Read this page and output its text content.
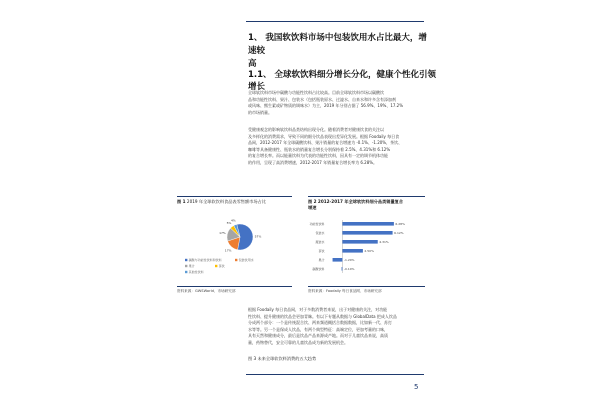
1、 我国软饮料市场中包装饮用水占比最大，增速较
高
1.1、 全球软饮料细分增长分化，健康个性化引领增长
全球软饮料市场中碳酸与功能性饮料占比较高。目前全球软饮料市场以碳酸饮
品和功能性饮料、果汁、包装水（包括瓶装原水、过滤水、自来水和许多含有添加剂
或风味、熊生素或矿物质的调味水）为主，2019 年分别占据了 56.9%、19%、17.2%
的市场销量。
受健康观念的影响软饮料品类结构出现分化。随着消费者对健康饮食的关注以
及多样化的消费需求，导致不同的细分饮品表现出差异化发展。根据 Foodaily 每日食
品网，2012-2017 年全球碳酸饮料、果汁销量的复合增速为 -0.1%、-1.20%，茶饮、
咖啡等具备健康性、瓶装水的销量复合增长分别保持着 2.5%、4.31%和 6.12%
的复合增长率。而以能量饮料为代表的功能性饮料，因具有一定的调节机体功能
的作用，呈现了高消费增速，2012-2017 年销量复合增长率为 6.28%。
图 1 2019 年全球软饮料食品表零售额市场占比
57%
17%
17%
5%
4%
碳酸与功能性饮料和饮料	包装饮用水
果汁	茶饮
其他性饮料
资料来源：GWSWorld、市场研究部
图 2 2012-2017 年全球软饮料细分品类销量复合
增速
功能性饮料	6.28%
包装水	6.12%
瓶装水	4.31%
茶饮	2.50%
果汁	-1.20%
碳酸饮料	-0.10%
资料来源：Foodaily 每日食品网、市场研究部
根据 Foodaily 每日食品网，对于多数消费者来说，出于对健康的关注，对功能
性饮料、提升健康的饮品会更加青睐。有以下专题从数据与 GlobalData 把成人饮品
分成两个部分：一个是传统混合饮、两来频道概括合数据数据，比如新一代、苏打
水等等。另一个是保成人饮品，有两个典型特征：高端定位，更加考量的口味，
具有天然和健康成分，最后是饮品产品来源成产地。而对于儿童饮品来说，高质
量，药物替代，安全可靠的儿童饮品成为新的发展机会。
图 3 未来全球软饮料消费的五大趋势
5
